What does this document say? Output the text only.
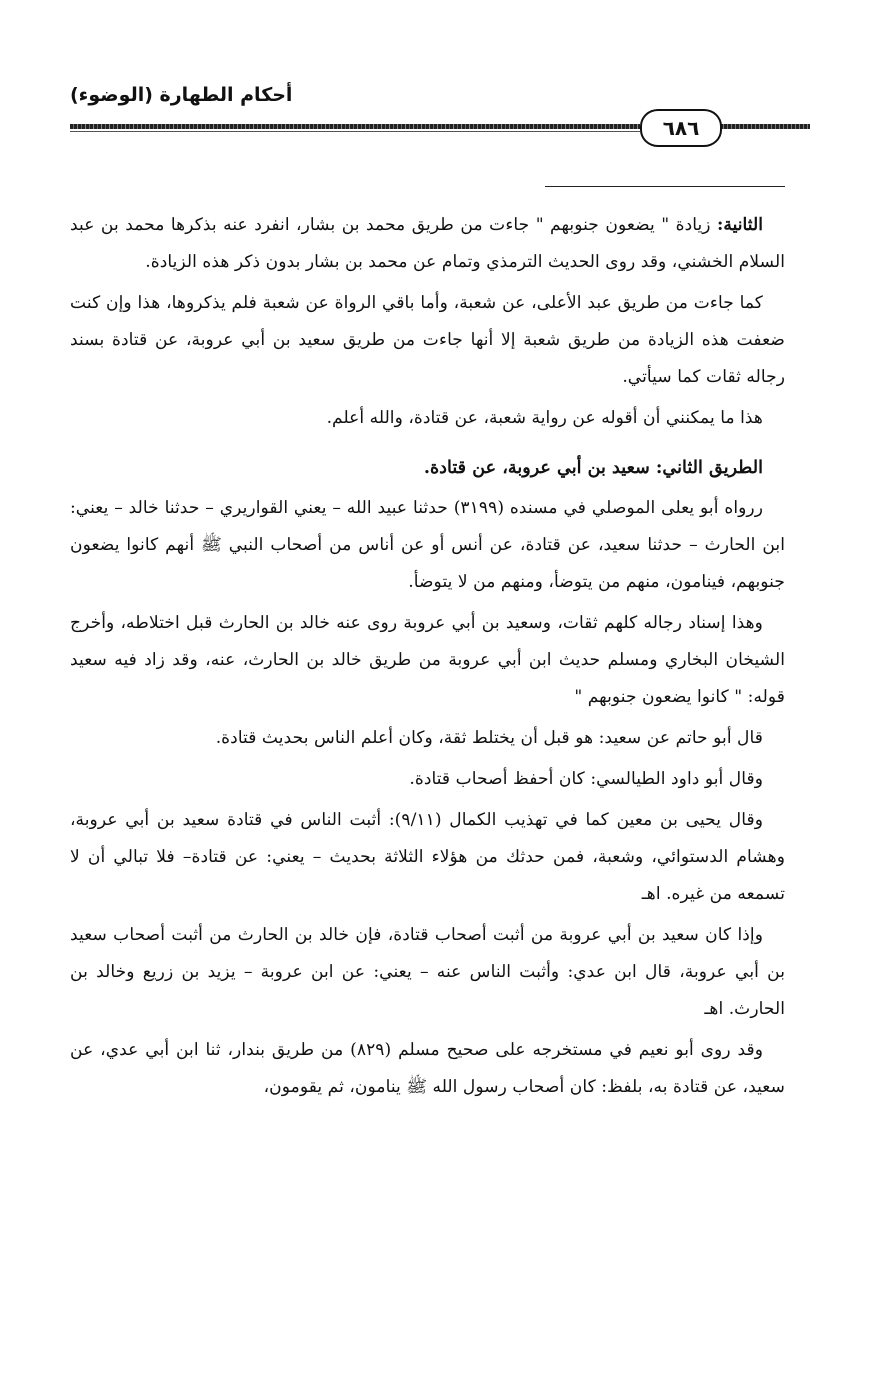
أحكام الطهارة (الوضوء)
٦٨٦

الثانية: زيادة " يضعون جنوبهم " جاءت من طريق محمد بن بشار، انفرد عنه بذكرها محمد بن عبد السلام الخشني، وقد روى الحديث الترمذي وتمام عن محمد بن بشار بدون ذكر هذه الزيادة.

كما جاءت من طريق عبد الأعلى، عن شعبة، وأما باقي الرواة عن شعبة فلم يذكروها، هذا وإن كنت ضعفت هذه الزيادة من طريق شعبة إلا أنها جاءت من طريق سعيد بن أبي عروبة، عن قتادة بسند رجاله ثقات كما سيأتي.

هذا ما يمكنني أن أقوله عن رواية شعبة، عن قتادة، والله أعلم.

الطريق الثاني: سعيد بن أبي عروبة، عن قتادة.

ررواه أبو يعلى الموصلي في مسنده (٣١٩٩) حدثنا عبيد الله – يعني القواريري – حدثنا خالد – يعني: ابن الحارث – حدثنا سعيد، عن قتادة، عن أنس أو عن أناس من أصحاب النبي ﷺ أنهم كانوا يضعون جنوبهم، فينامون، منهم من يتوضأ، ومنهم من لا يتوضأ.

وهذا إسناد رجاله كلهم ثقات، وسعيد بن أبي عروبة روى عنه خالد بن الحارث قبل اختلاطه، وأخرج الشيخان البخاري ومسلم حديث ابن أبي عروبة من طريق خالد بن الحارث، عنه، وقد زاد فيه سعيد قوله: " كانوا يضعون جنوبهم "

قال أبو حاتم عن سعيد: هو قبل أن يختلط ثقة، وكان أعلم الناس بحديث قتادة.

وقال أبو داود الطيالسي: كان أحفظ أصحاب قتادة.

وقال يحيى بن معين كما في تهذيب الكمال (٩/١١): أثبت الناس في قتادة سعيد بن أبي عروبة، وهشام الدستوائي، وشعبة، فمن حدثك من هؤلاء الثلاثة بحديث – يعني: عن قتادة– فلا تبالي أن لا تسمعه من غيره. اهـ

وإذا كان سعيد بن أبي عروبة من أثبت أصحاب قتادة، فإن خالد بن الحارث من أثبت أصحاب سعيد بن أبي عروبة، قال ابن عدي: وأثبت الناس عنه – يعني: عن ابن عروبة – يزيد بن زريع وخالد بن الحارث. اهـ

وقد روى أبو نعيم في مستخرجه على صحيح مسلم (٨٢٩) من طريق بندار، ثنا ابن أبي عدي، عن سعيد، عن قتادة به، بلفظ: كان أصحاب رسول الله ﷺ ينامون، ثم يقومون،
